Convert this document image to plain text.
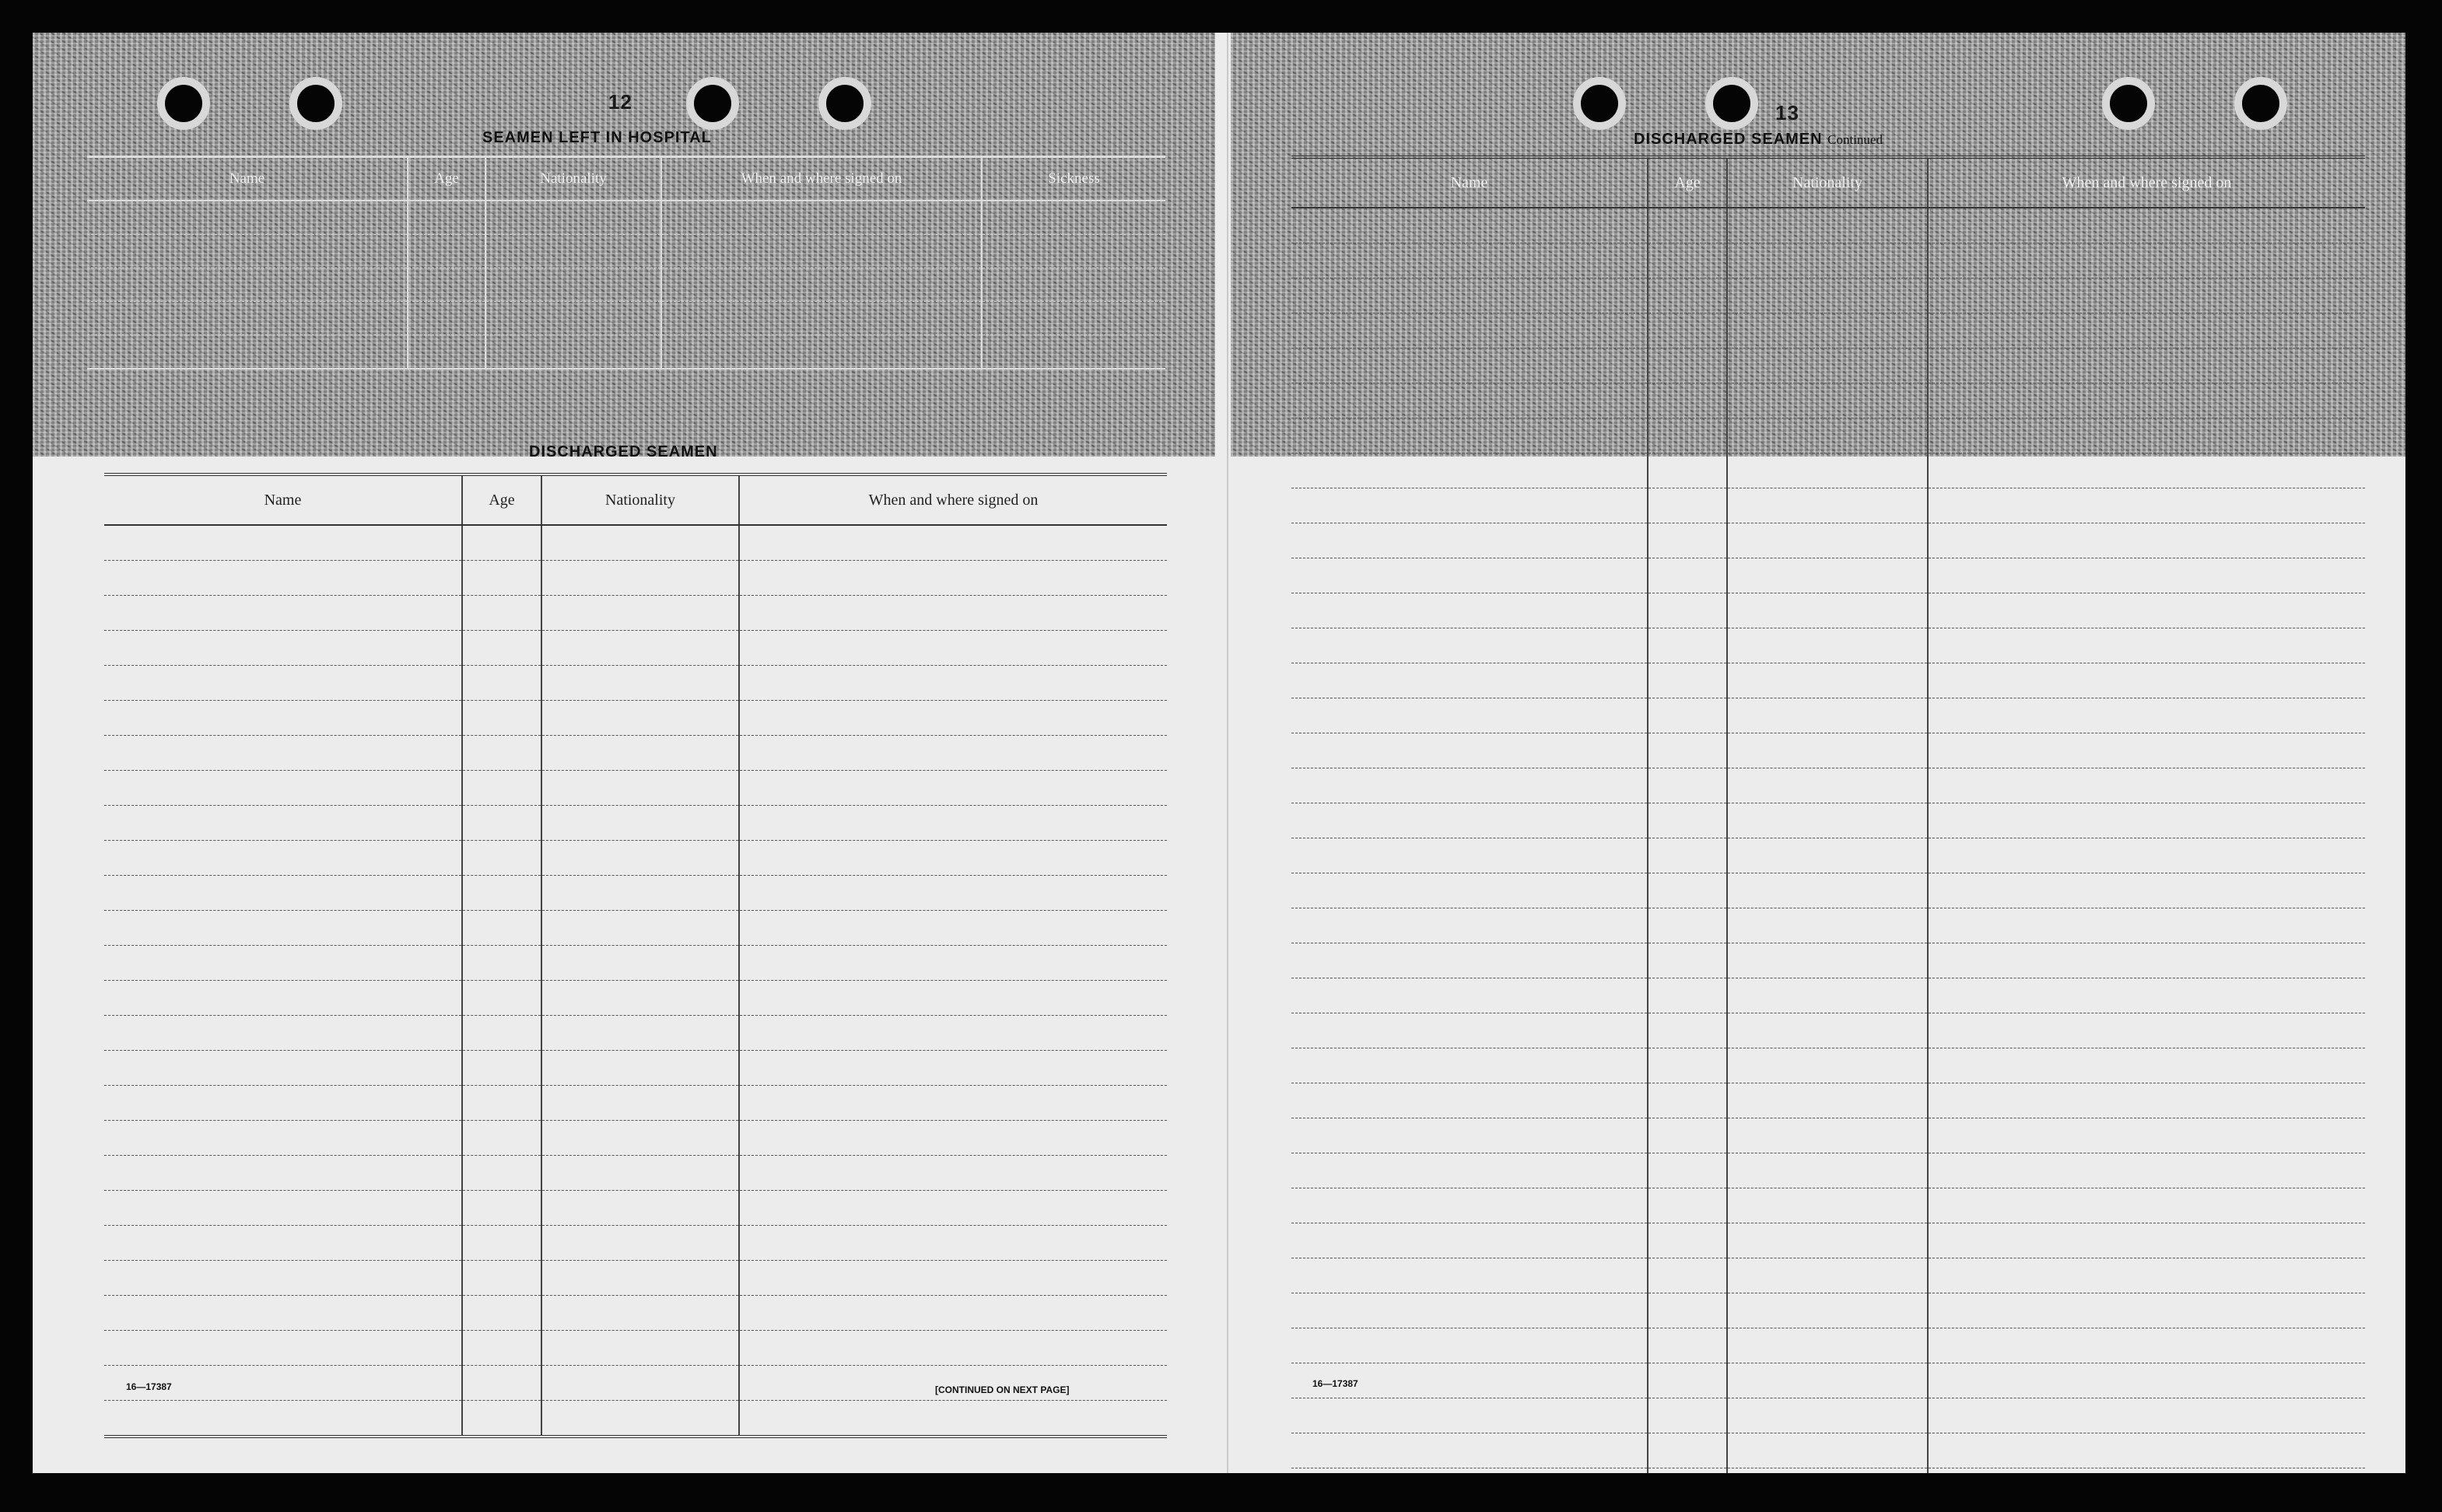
12	13
SEAMEN LEFT IN HOSPITAL
Name	Age	Nationality	When and where signed on	Sickness

DISCHARGED SEAMEN
Name	Age	Nationality	When and where signed on

16—17387	[CONTINUED ON NEXT PAGE]
DISCHARGED SEAMEN Continued
Name	Age	Nationality	When and where signed on

16—17387
